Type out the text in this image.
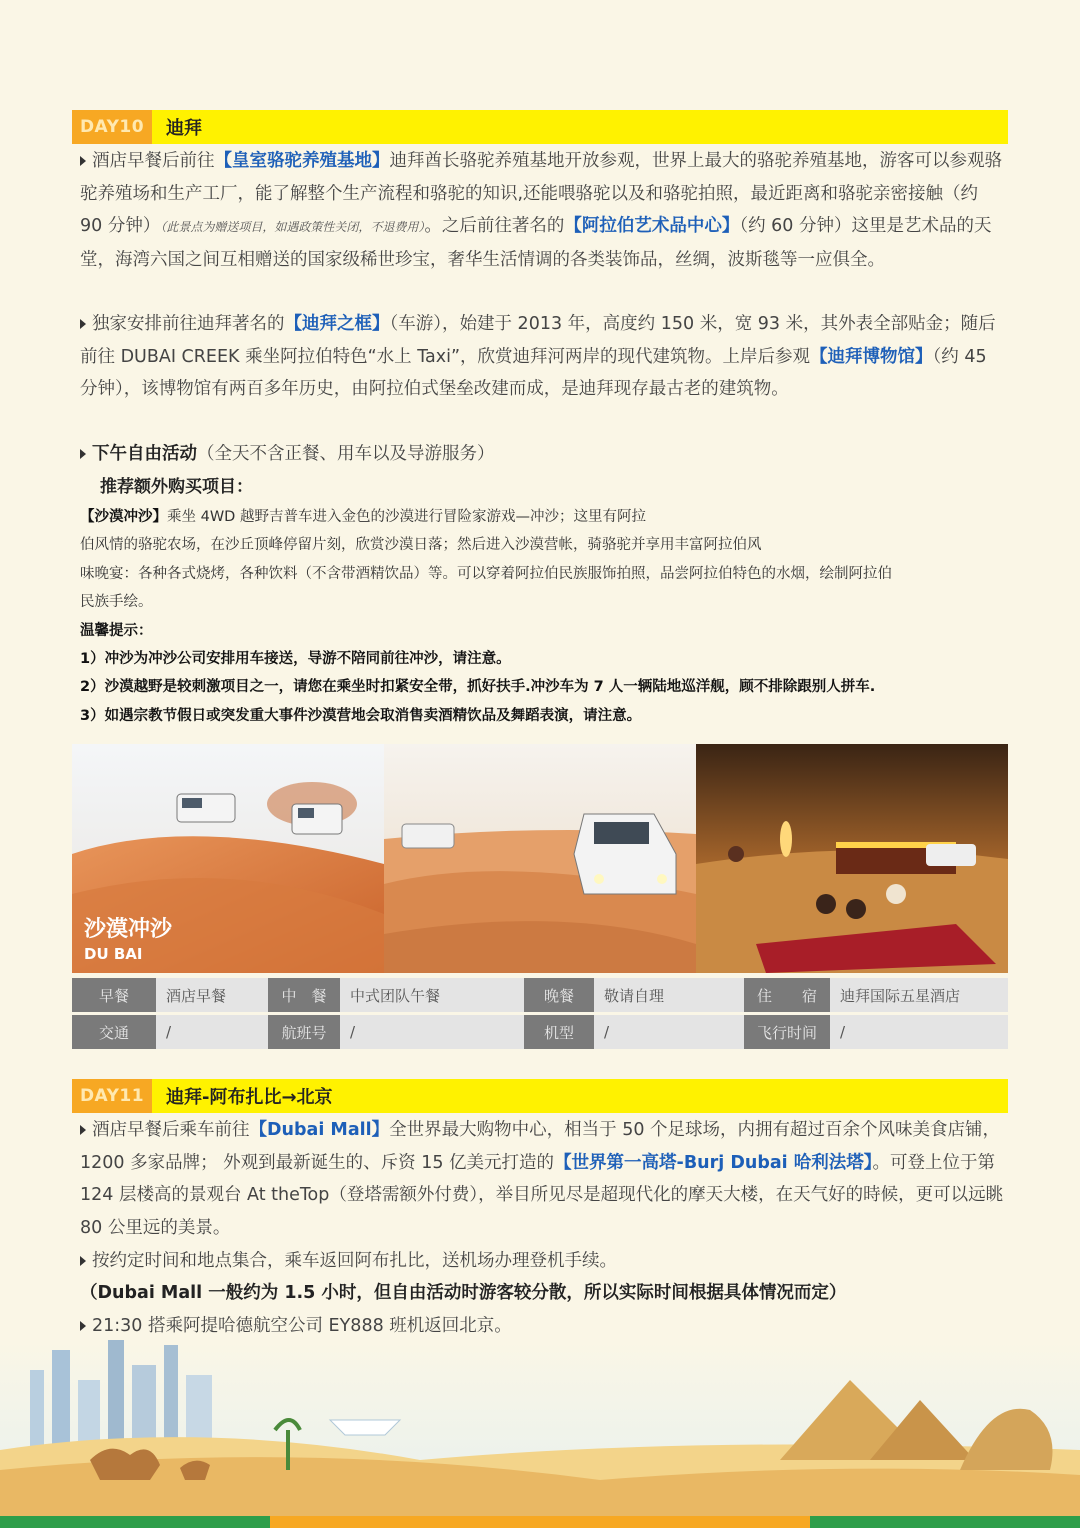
DAY10	迪拜
酒店早餐后前往【皇室骆驼养殖基地】迪拜酋长骆驼养殖基地开放参观，世界上最大的骆驼养殖基地，游客可以参观骆驼养殖场和生产工厂，能了解整个生产流程和骆驼的知识,还能喂骆驼以及和骆驼拍照，最近距离和骆驼亲密接触（约 90 分钟）（此景点为赠送项目，如遇政策性关闭，不退费用）。之后前往著名的【阿拉伯艺术品中心】（约 60 分钟）这里是艺术品的天堂，海湾六国之间互相赠送的国家级稀世珍宝，奢华生活情调的各类装饰品，丝绸，波斯毯等一应俱全。
独家安排前往迪拜著名的【迪拜之框】（车游），始建于 2013 年，高度约 150 米，宽 93 米，其外表全部贴金；随后前往 DUBAI CREEK 乘坐阿拉伯特色“水上 Taxi”，欣赏迪拜河两岸的现代建筑物。上岸后参观【迪拜博物馆】（约 45 分钟），该博物馆有两百多年历史，由阿拉伯式堡垒改建而成，是迪拜现存最古老的建筑物。
下午自由活动（全天不含正餐、用车以及导游服务）
推荐额外购买项目：
【沙漠冲沙】乘坐 4WD 越野吉普车进入金色的沙漠进行冒险家游戏—冲沙；这里有阿拉
伯风情的骆驼农场，在沙丘顶峰停留片刻，欣赏沙漠日落；然后进入沙漠营帐，骑骆驼并享用丰富阿拉伯风
味晚宴：各种各式烧烤，各种饮料（不含带酒精饮品）等。可以穿着阿拉伯民族服饰拍照，品尝阿拉伯特色的水烟，绘制阿拉伯
民族手绘。
温馨提示：
1）冲沙为冲沙公司安排用车接送，导游不陪同前往冲沙，请注意。
2）沙漠越野是较刺激项目之一，请您在乘坐时扣紧安全带，抓好扶手.冲沙车为 7 人一辆陆地巡洋舰，顾不排除跟别人拼车.
3）如遇宗教节假日或突发重大事件沙漠营地会取消售卖酒精饮品及舞蹈表演，请注意。
沙漠冲沙
DU BAI
早餐	酒店早餐	中　餐	中式团队午餐	晚餐	敬请自理	住　　宿	迪拜国际五星酒店
交通	/	航班号	/	机型	/	飞行时间	/
DAY11	迪拜-阿布扎比→北京
酒店早餐后乘车前往【Dubai Mall】全世界最大购物中心，相当于 50 个足球场，内拥有超过百余个风味美食店铺，1200 多家品牌； 外观到最新诞生的、斥资 15 亿美元打造的【世界第一高塔-Burj Dubai 哈利法塔】。可登上位于第 124 层楼高的景观台 At theTop（登塔需额外付费），举目所见尽是超现代化的摩天大楼，在天气好的時候，更可以远眺 80 公里远的美景。
按约定时间和地点集合，乘车返回阿布扎比，送机场办理登机手续。
（Dubai Mall 一般约为 1.5 小时，但自由活动时游客较分散，所以实际时间根据具体情况而定）
21:30 搭乘阿提哈德航空公司 EY888 班机返回北京。
